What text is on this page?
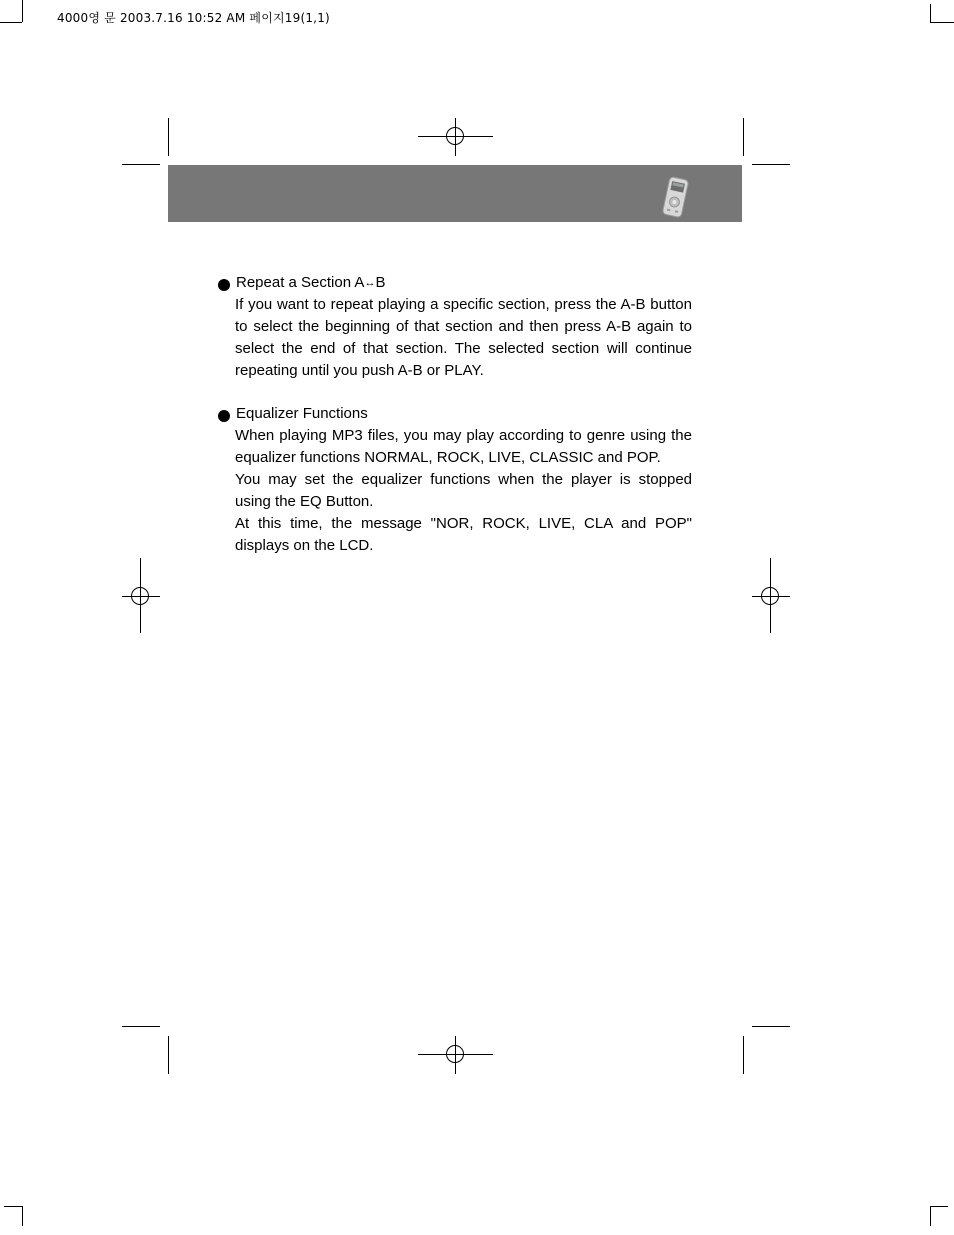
4000영 문 2003.7.16 10:52 AM 페이지19(1,1)
Repeat a Section A ↔ B

If you want to repeat playing a specific section, press the A-B button to select the beginning of that section and then press A-B again to select the end of that section. The selected section will continue repeating until you push A-B or PLAY.

Equalizer Functions

When playing MP3 files, you may play according to genre using the equalizer functions NORMAL, ROCK, LIVE, CLASSIC and POP.

You may set the equalizer functions when the player is stopped using the EQ Button.

At this time, the message "NOR, ROCK, LIVE, CLA and POP" displays on the LCD.
